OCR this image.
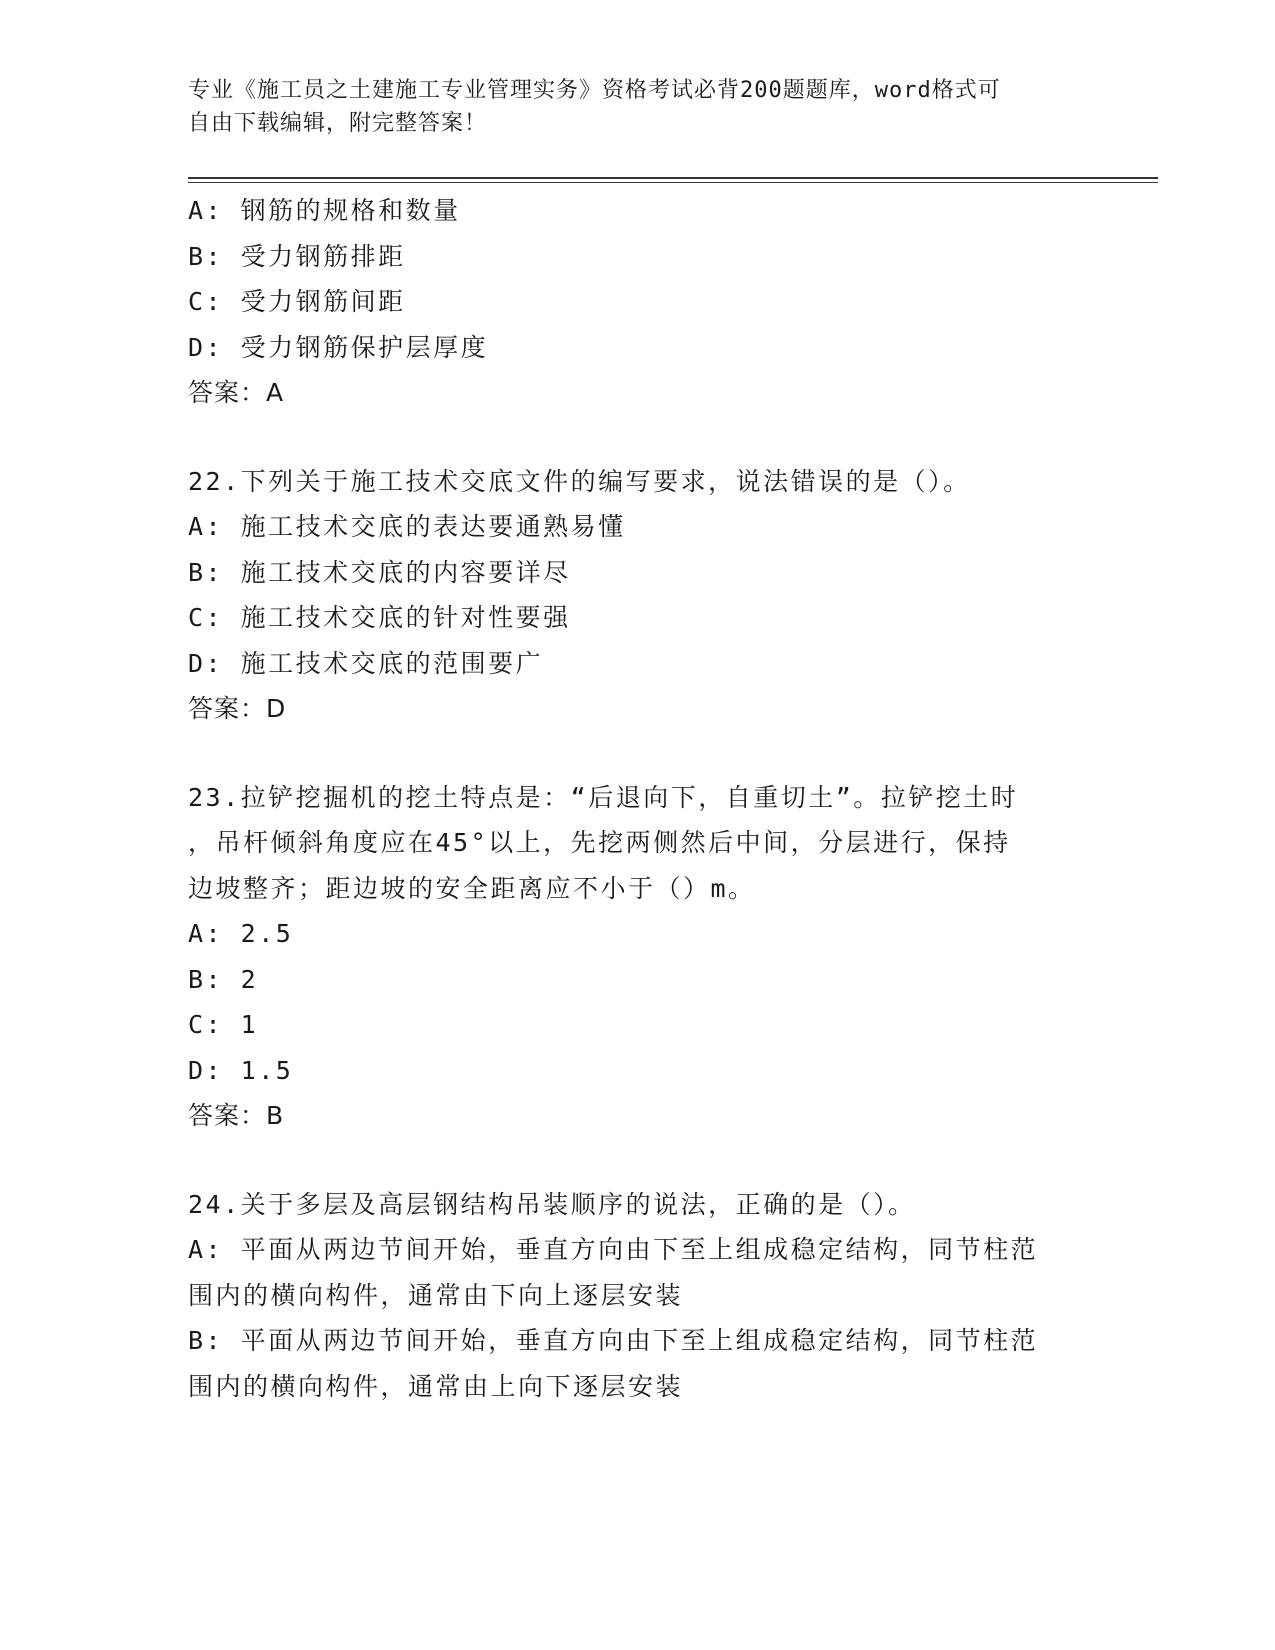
专业《施工员之土建施工专业管理实务》资格考试必背200题题库，word格式可
自由下载编辑，附完整答案！
A: 钢筋的规格和数量
B: 受力钢筋排距
C: 受力钢筋间距
D: 受力钢筋保护层厚度
答案：A
22.下列关于施工技术交底文件的编写要求，说法错误的是（）。
A: 施工技术交底的表达要通熟易懂
B: 施工技术交底的内容要详尽
C: 施工技术交底的针对性要强
D: 施工技术交底的范围要广
答案：D
23.拉铲挖掘机的挖土特点是：“后退向下，自重切土”。拉铲挖土时
，吊杆倾斜角度应在45°以上，先挖两侧然后中间，分层进行，保持
边坡整齐；距边坡的安全距离应不小于（）m。
A: 2.5
B: 2
C: 1
D: 1.5
答案：B
24.关于多层及高层钢结构吊装顺序的说法，正确的是（）。
A: 平面从两边节间开始，垂直方向由下至上组成稳定结构，同节柱范
围内的横向构件，通常由下向上逐层安装
B: 平面从两边节间开始，垂直方向由下至上组成稳定结构，同节柱范
围内的横向构件，通常由上向下逐层安装
